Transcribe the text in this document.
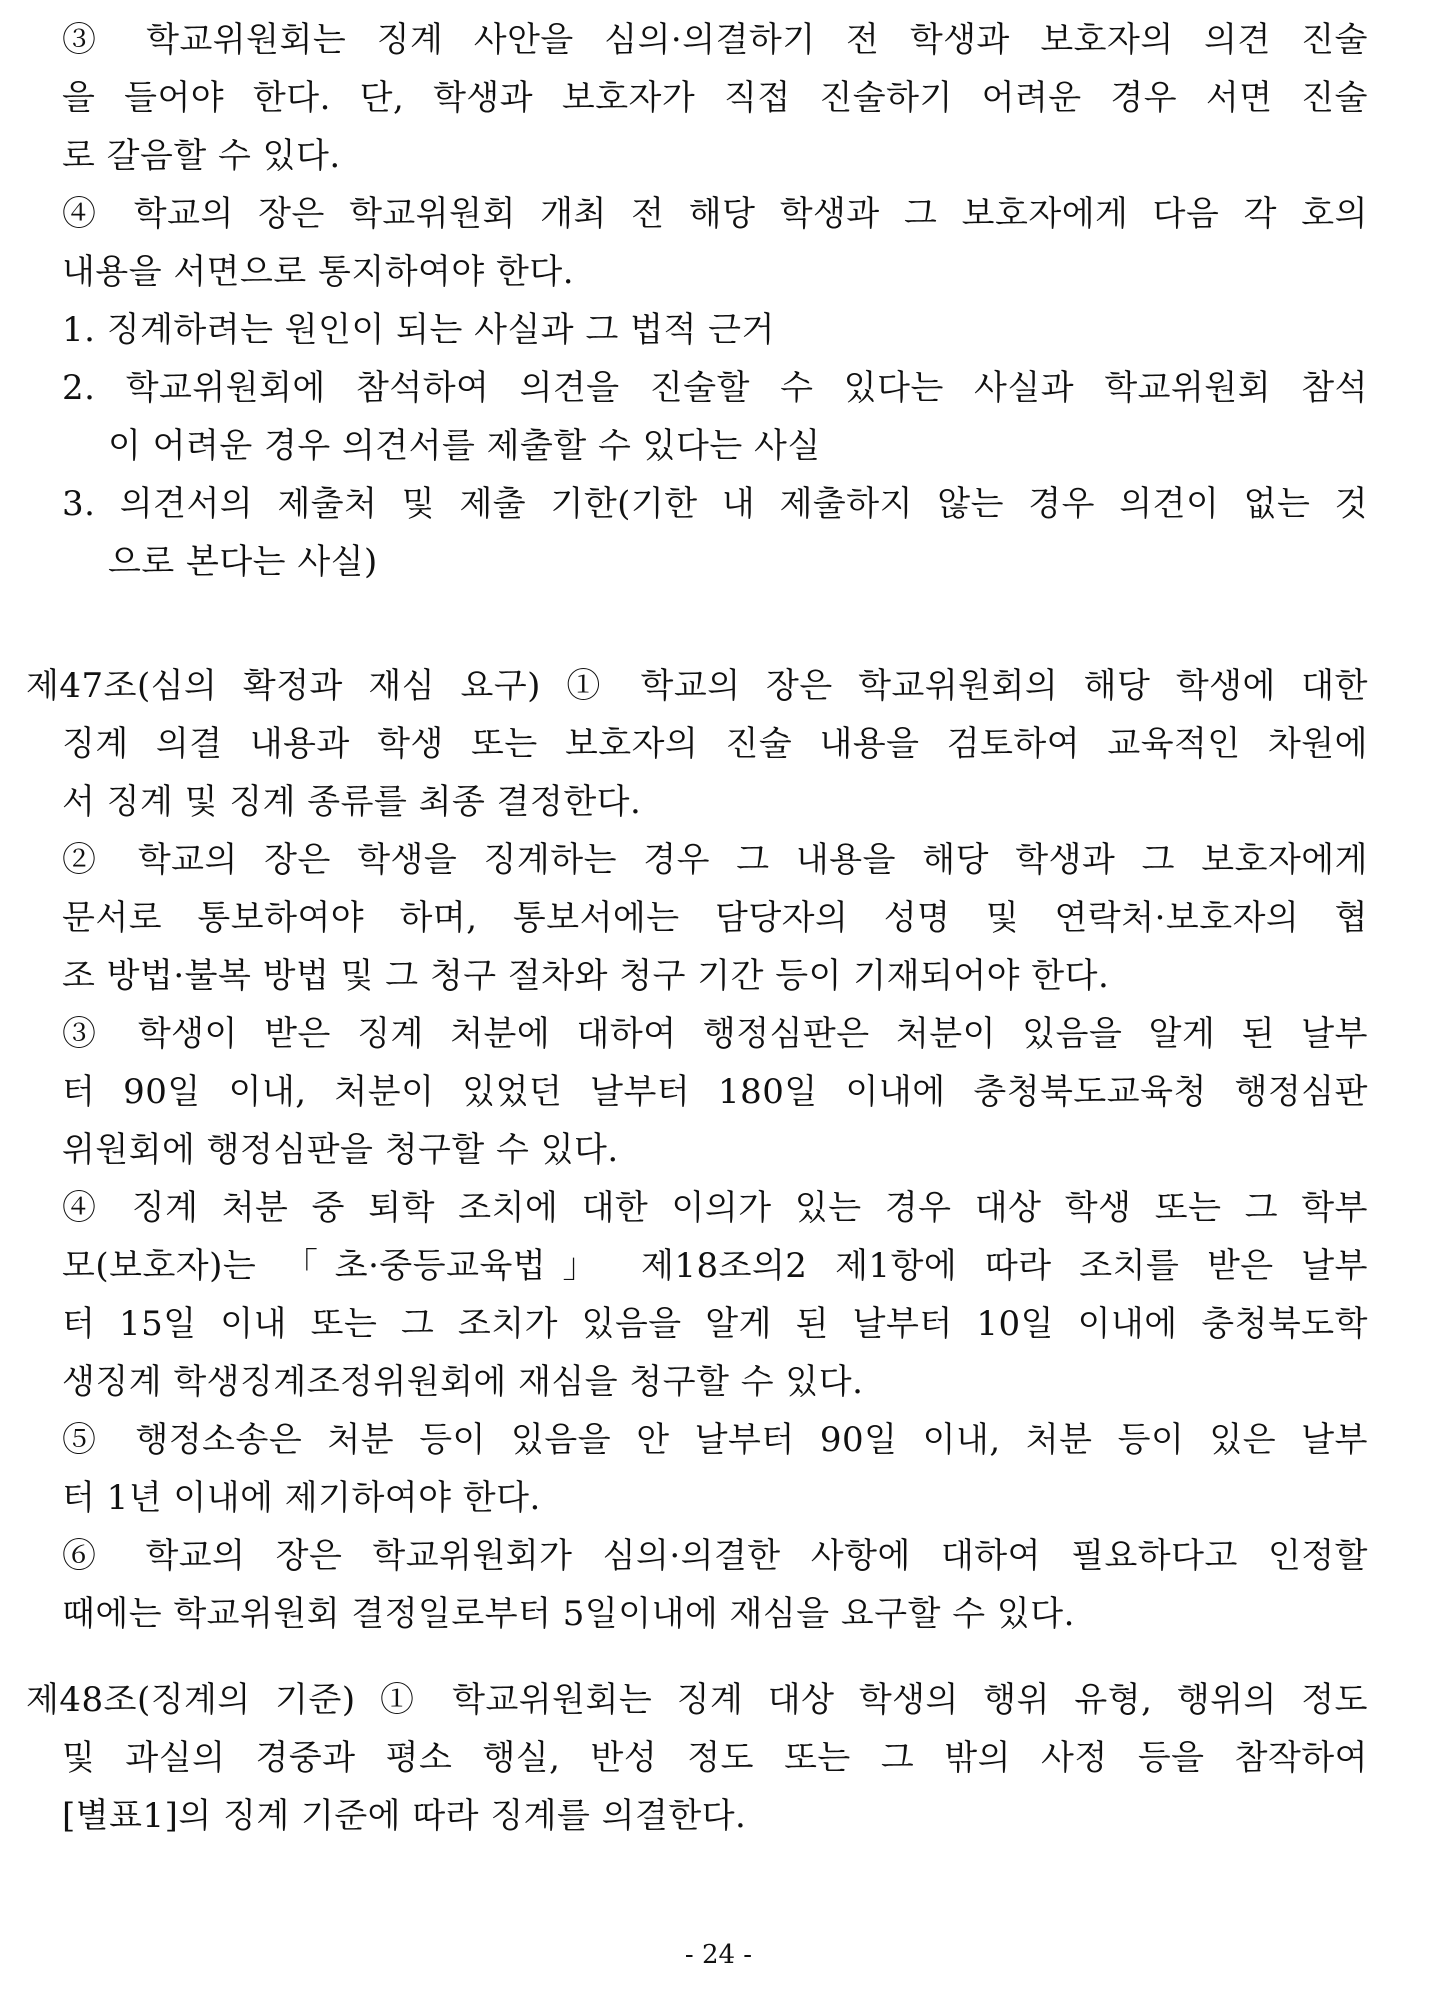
③ 학교위원회는 징계 사안을 심의·의결하기 전 학생과 보호자의 의견 진술
을 들어야 한다. 단, 학생과 보호자가 직접 진술하기 어려운 경우 서면 진술
로 갈음할 수 있다.
④ 학교의 장은 학교위원회 개최 전 해당 학생과 그 보호자에게 다음 각 호의
내용을 서면으로 통지하여야 한다.
1. 징계하려는 원인이 되는 사실과 그 법적 근거
2. 학교위원회에 참석하여 의견을 진술할 수 있다는 사실과 학교위원회 참석
이 어려운 경우 의견서를 제출할 수 있다는 사실
3. 의견서의 제출처 및 제출 기한(기한 내 제출하지 않는 경우 의견이 없는 것
으로 본다는 사실)
제47조(심의 확정과 재심 요구) ① 학교의 장은 학교위원회의 해당 학생에 대한
징계 의결 내용과 학생 또는 보호자의 진술 내용을 검토하여 교육적인 차원에
서 징계 및 징계 종류를 최종 결정한다.
② 학교의 장은 학생을 징계하는 경우 그 내용을 해당 학생과 그 보호자에게
문서로 통보하여야 하며, 통보서에는 담당자의 성명 및 연락처·보호자의 협
조 방법·불복 방법 및 그 청구 절차와 청구 기간 등이 기재되어야 한다.
③ 학생이 받은 징계 처분에 대하여 행정심판은 처분이 있음을 알게 된 날부
터 90일 이내, 처분이 있었던 날부터 180일 이내에 충청북도교육청 행정심판
위원회에 행정심판을 청구할 수 있다.
④ 징계 처분 중 퇴학 조치에 대한 이의가 있는 경우 대상 학생 또는 그 학부
모(보호자)는 「초·중등교육법」 제18조의2 제1항에 따라 조치를 받은 날부
터 15일 이내 또는 그 조치가 있음을 알게 된 날부터 10일 이내에 충청북도학
생징계 학생징계조정위원회에 재심을 청구할 수 있다.
⑤ 행정소송은 처분 등이 있음을 안 날부터 90일 이내, 처분 등이 있은 날부
터 1년 이내에 제기하여야 한다.
⑥ 학교의 장은 학교위원회가 심의·의결한 사항에 대하여 필요하다고 인정할
때에는 학교위원회 결정일로부터 5일이내에 재심을 요구할 수 있다.
제48조(징계의 기준) ① 학교위원회는 징계 대상 학생의 행위 유형, 행위의 정도
및 과실의 경중과 평소 행실, 반성 정도 또는 그 밖의 사정 등을 참작하여
[별표1]의 징계 기준에 따라 징계를 의결한다.
- 24 -
